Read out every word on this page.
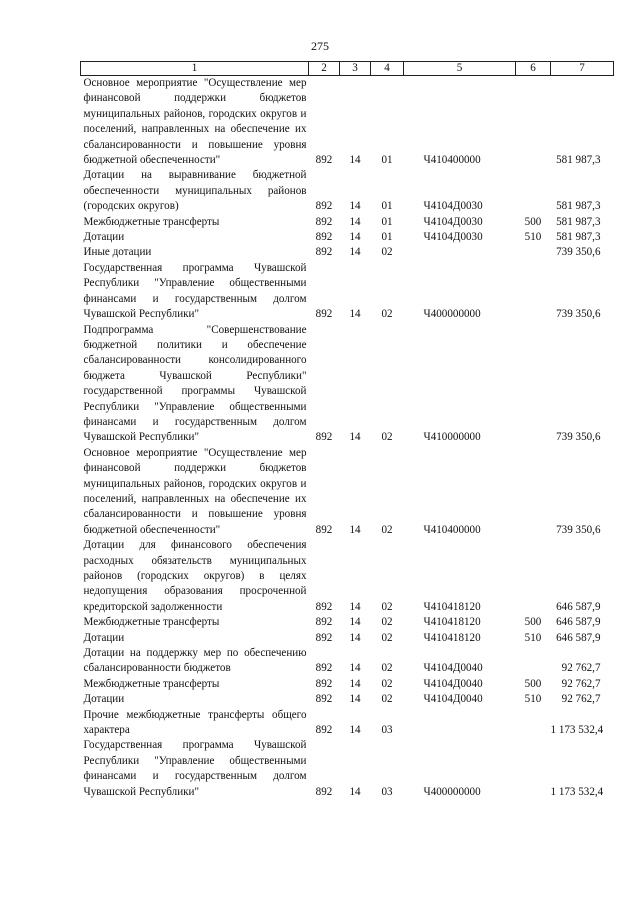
275
1	2	3	4	5	6	7
Основное мероприятие "Осуществление мер финансовой поддержки бюджетов муниципальных районов, городских округов и поселений, направленных на обеспечение их сбалансированности и повышение уровня бюджетной обеспеченности"	892	14	01	Ч410400000		581 987,3
Дотации на выравнивание бюджетной обеспеченности муниципальных районов (городских округов)	892	14	01	Ч4104Д0030		581 987,3
Межбюджетные трансферты	892	14	01	Ч4104Д0030	500	581 987,3
Дотации	892	14	01	Ч4104Д0030	510	581 987,3
Иные дотации	892	14	02			739 350,6
Государственная программа Чувашской Республики "Управление общественными финансами и государственным долгом Чувашской Республики"	892	14	02	Ч400000000		739 350,6
Подпрограмма "Совершенствование бюджетной политики и обеспечение сбалансированности консолидированного бюджета Чувашской Республики" государственной программы Чувашской Республики "Управление общественными финансами и государственным долгом Чувашской Республики"	892	14	02	Ч410000000		739 350,6
Основное мероприятие "Осуществление мер финансовой поддержки бюджетов муниципальных районов, городских округов и поселений, направленных на обеспечение их сбалансированности и повышение уровня бюджетной обеспеченности"	892	14	02	Ч410400000		739 350,6
Дотации для финансового обеспечения расходных обязательств муниципальных районов (городских округов) в целях недопущения образования просроченной кредиторской задолженности	892	14	02	Ч410418120		646 587,9
Межбюджетные трансферты	892	14	02	Ч410418120	500	646 587,9
Дотации	892	14	02	Ч410418120	510	646 587,9
Дотации на поддержку мер по обеспечению сбалансированности бюджетов	892	14	02	Ч4104Д0040		92 762,7
Межбюджетные трансферты	892	14	02	Ч4104Д0040	500	92 762,7
Дотации	892	14	02	Ч4104Д0040	510	92 762,7
Прочие межбюджетные трансферты общего характера	892	14	03			1 173 532,4
Государственная программа Чувашской Республики "Управление общественными финансами и государственным долгом Чувашской Республики"	892	14	03	Ч400000000		1 173 532,4
